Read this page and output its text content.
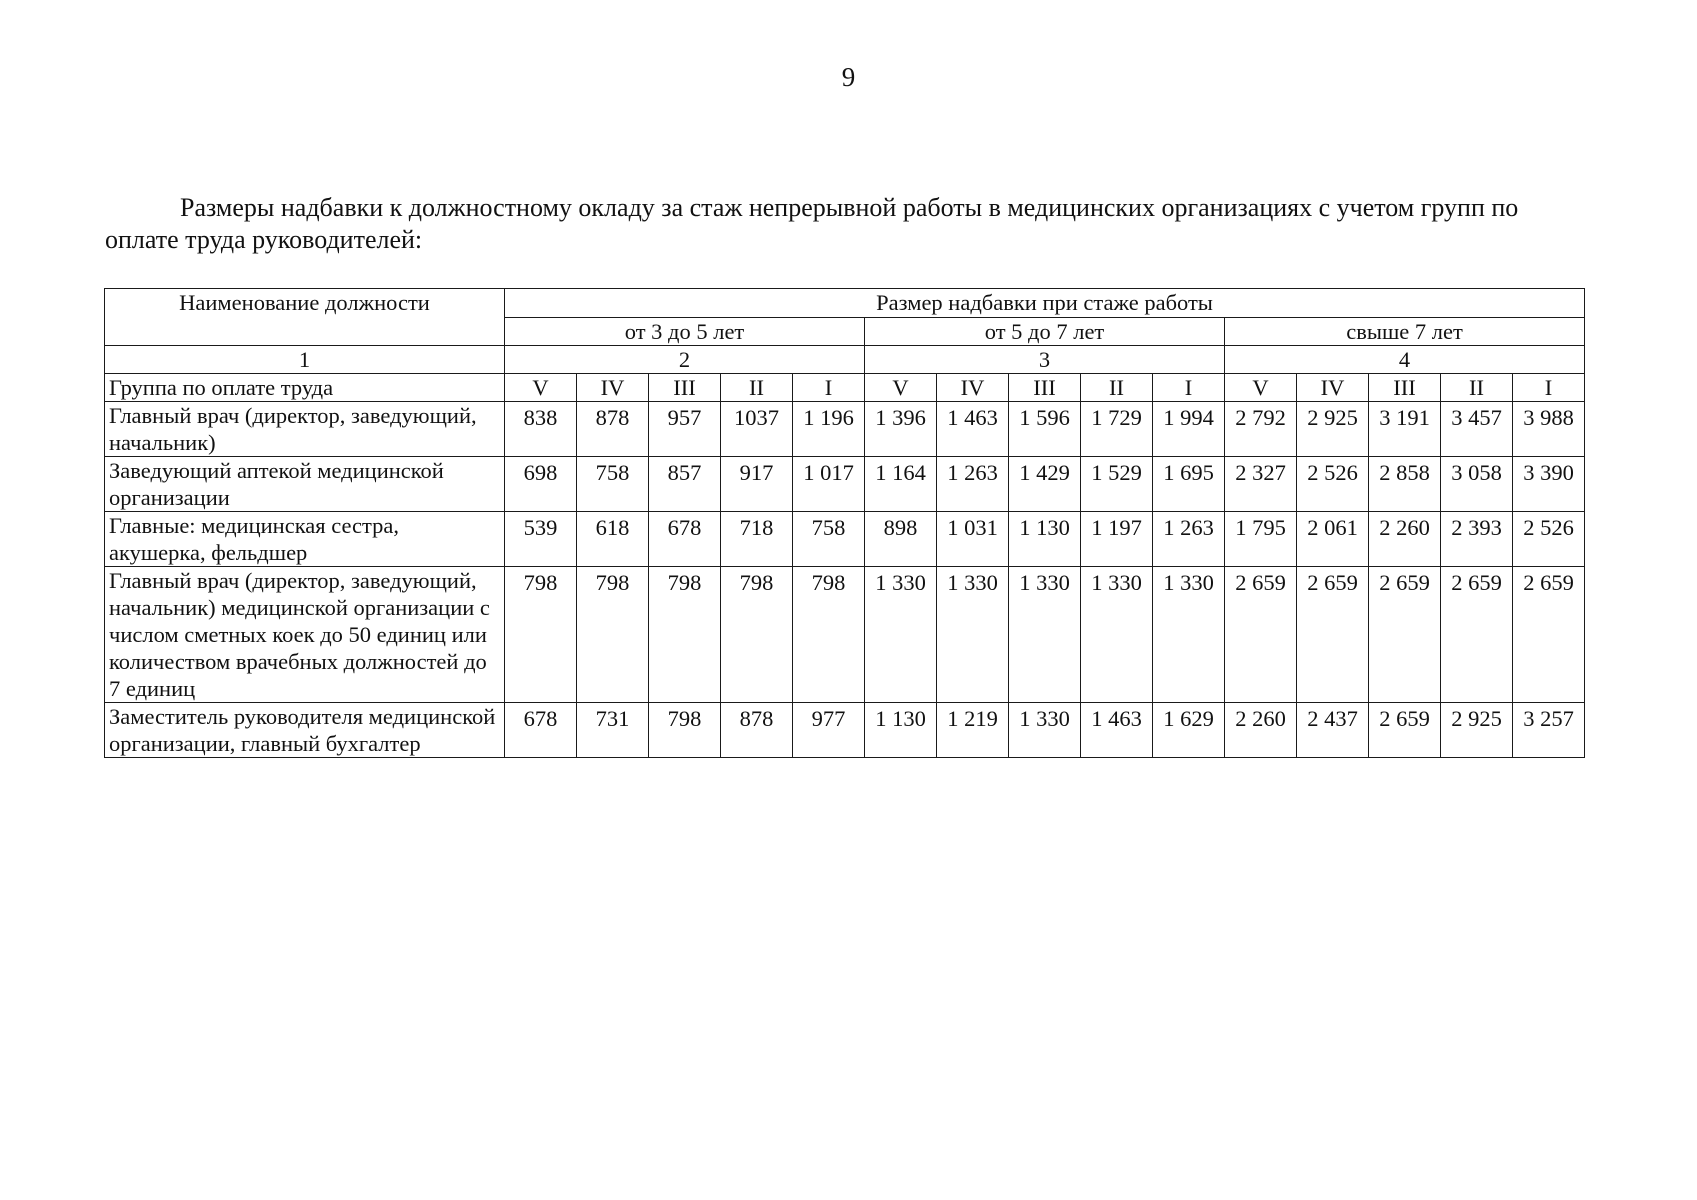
9

Размеры надбавки к должностному окладу за стаж непрерывной работы в медицинских организациях с учетом групп по оплате труда руководителей:

Наименование должности	Размер надбавки при стаже работы														
	от 3 до 5 лет					от 5 до 7 лет					свыше 7 лет				
1	2					3					4				
Группа по оплате труда	V	IV	III	II	I	V	IV	III	II	I	V	IV	III	II	I
Главный врач (директор, заведующий, начальник)	838	878	957	1037	1 196	1 396	1 463	1 596	1 729	1 994	2 792	2 925	3 191	3 457	3 988
Заведующий аптекой медицинской организации	698	758	857	917	1 017	1 164	1 263	1 429	1 529	1 695	2 327	2 526	2 858	3 058	3 390
Главные: медицинская сестра, акушерка, фельдшер	539	618	678	718	758	898	1 031	1 130	1 197	1 263	1 795	2 061	2 260	2 393	2 526
Главный врач (директор, заведующий, начальник) медицинской организации с числом сметных коек до 50 единиц или количеством врачебных должностей до 7 единиц	798	798	798	798	798	1 330	1 330	1 330	1 330	1 330	2 659	2 659	2 659	2 659	2 659
Заместитель руководителя медицинской организации, главный бухгалтер	678	731	798	878	977	1 130	1 219	1 330	1 463	1 629	2 260	2 437	2 659	2 925	3 257
